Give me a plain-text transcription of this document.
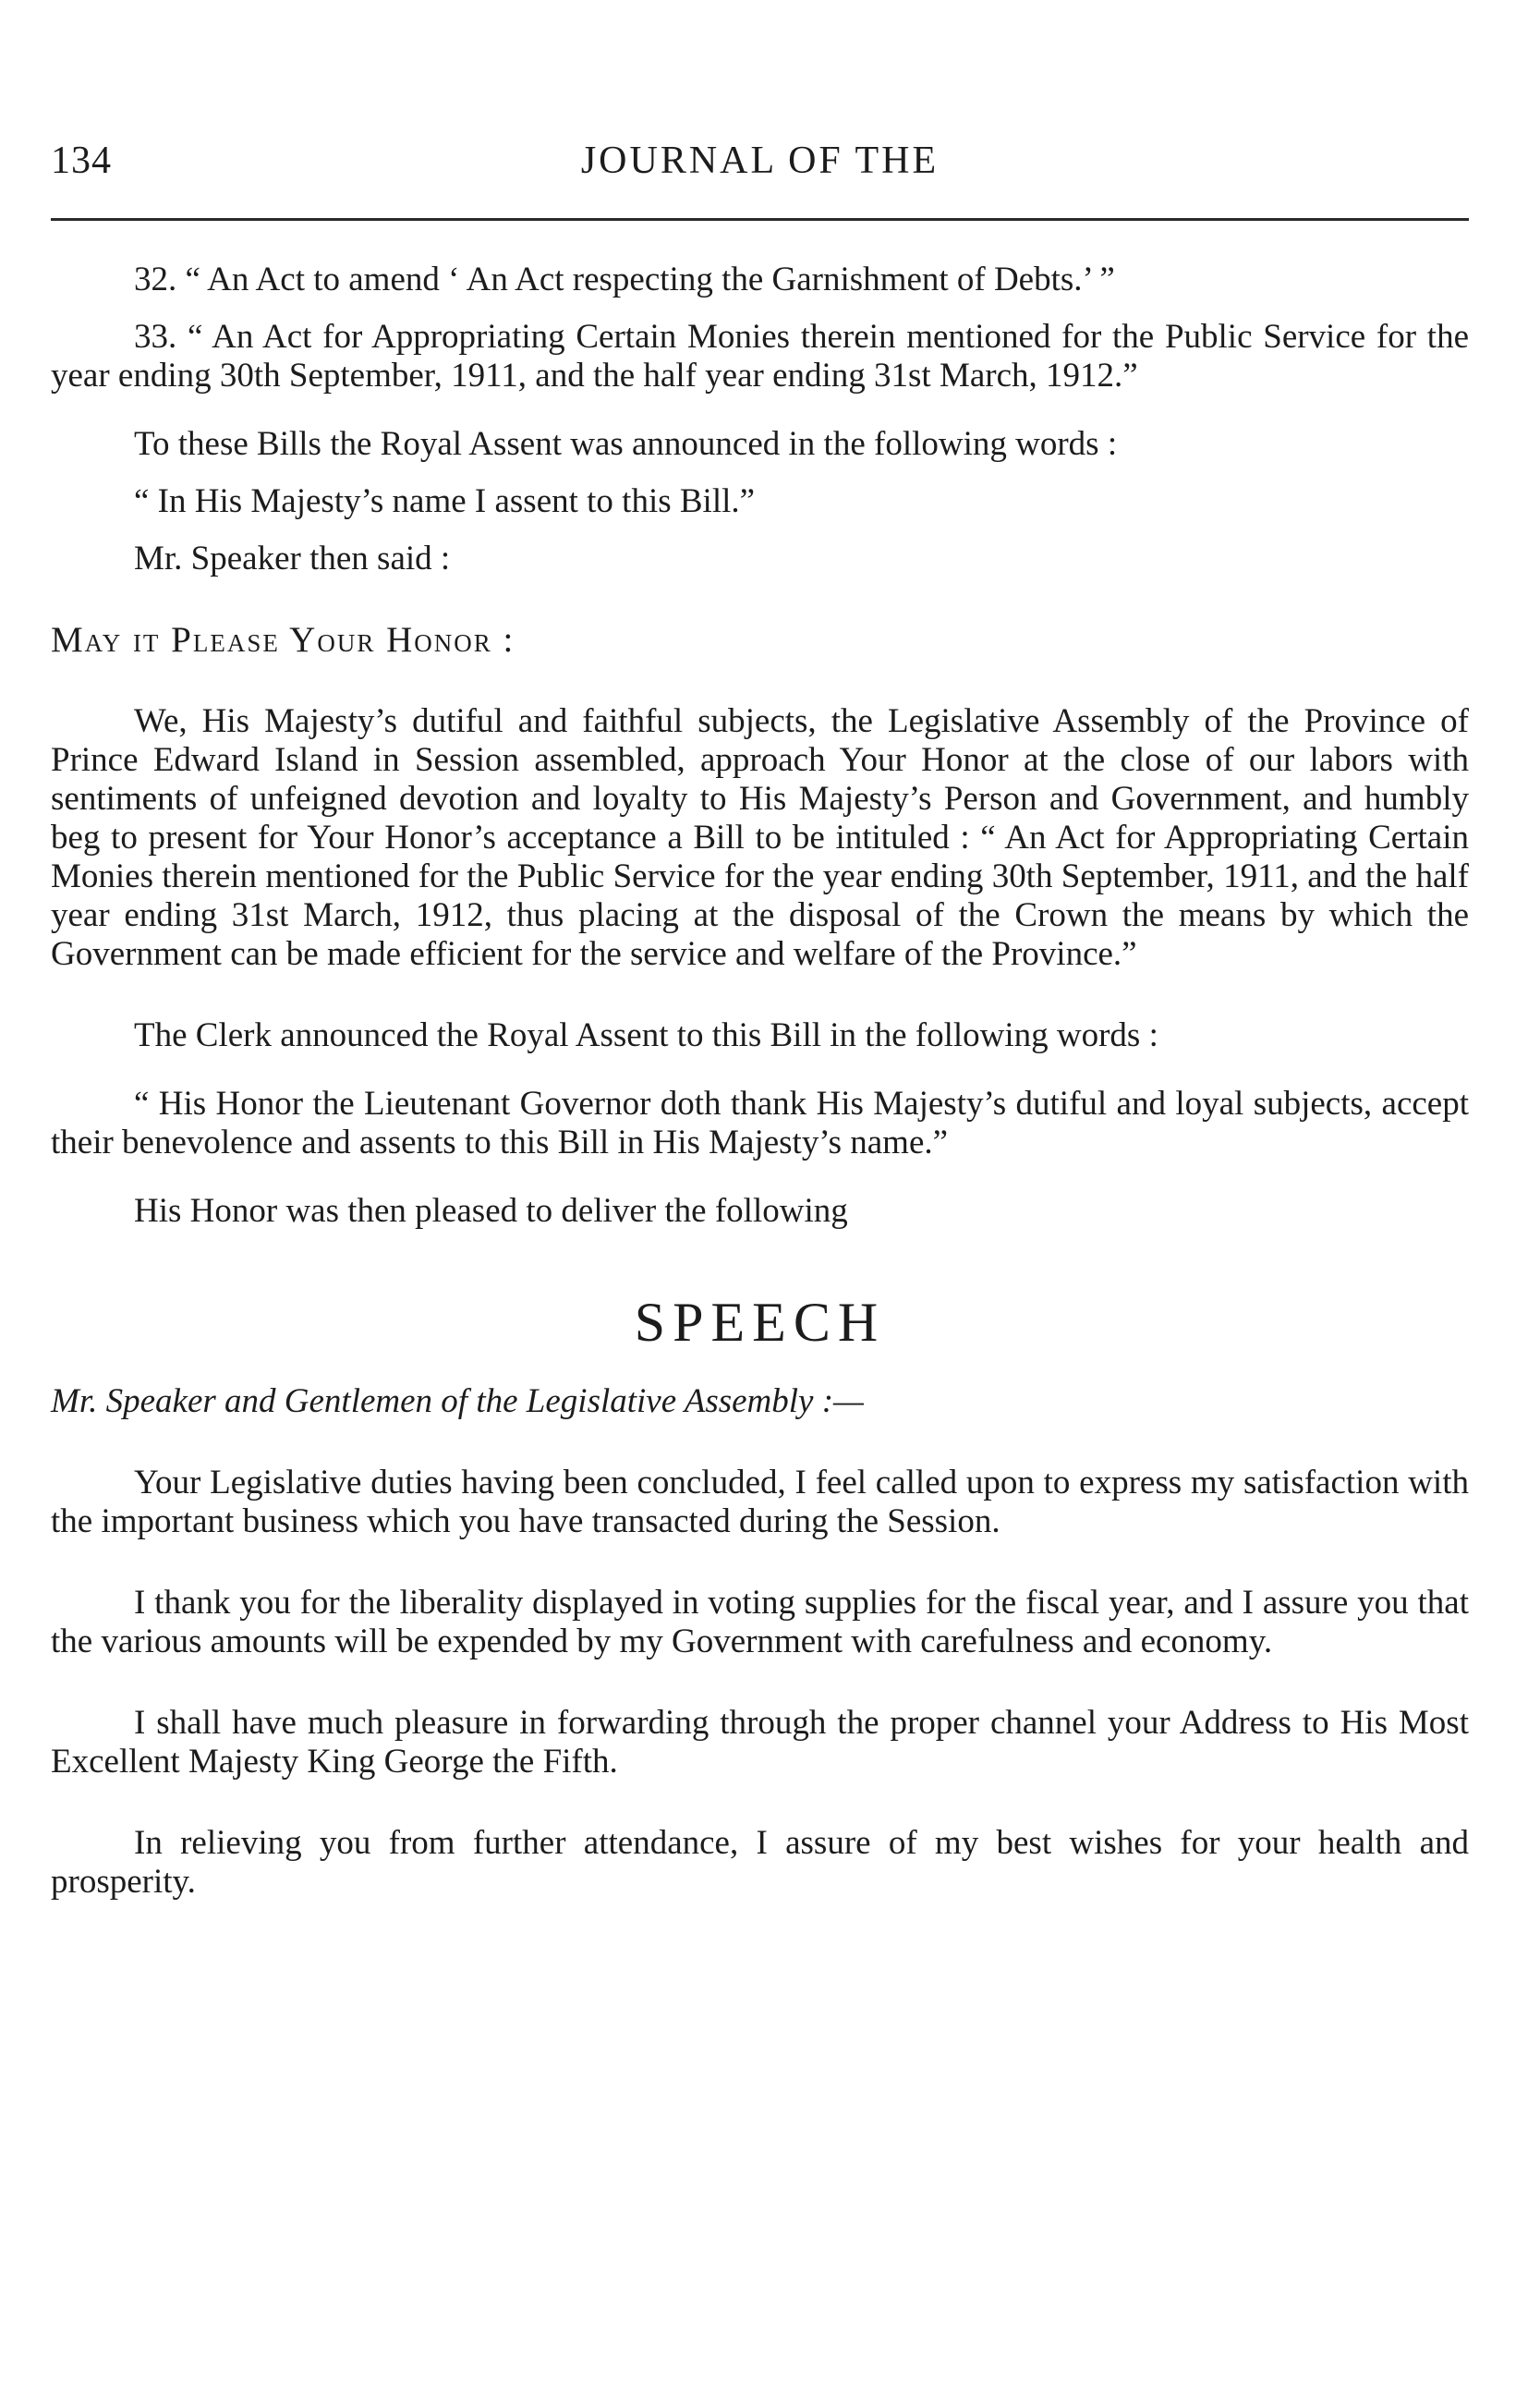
134	JOURNAL OF THE

32. “ An Act to amend ‘ An Act respecting the Garnishment of Debts.’ ”

33. “ An Act for Appropriating Certain Monies therein mentioned for the Public Service for the year ending 30th September, 1911, and the half year ending 31st March, 1912.”

To these Bills the Royal Assent was announced in the following words :

“ In His Majesty’s name I assent to this Bill.”

Mr. Speaker then said :

May it Please Your Honor :

We, His Majesty’s dutiful and faithful subjects, the Legislative Assembly of the Province of Prince Edward Island in Session assembled, approach Your Honor at the close of our labors with sentiments of unfeigned devotion and loyalty to His Majesty’s Person and Government, and humbly beg to present for Your Honor’s acceptance a Bill to be intituled : “ An Act for Appropriating Certain Monies therein mentioned for the Public Service for the year ending 30th September, 1911, and the half year ending 31st March, 1912, thus placing at the disposal of the Crown the means by which the Government can be made efficient for the service and welfare of the Province.”

The Clerk announced the Royal Assent to this Bill in the following words :

“ His Honor the Lieutenant Governor doth thank His Majesty’s dutiful and loyal subjects, accept their benevolence and assents to this Bill in His Majesty’s name.”

His Honor was then pleased to deliver the following

SPEECH

Mr. Speaker and Gentlemen of the Legislative Assembly :—

Your Legislative duties having been concluded, I feel called upon to express my satisfaction with the important business which you have transacted during the Session.

I thank you for the liberality displayed in voting supplies for the fiscal year, and I assure you that the various amounts will be expended by my Government with carefulness and economy.

I shall have much pleasure in forwarding through the proper channel your Address to His Most Excellent Majesty King George the Fifth.

In relieving you from further attendance, I assure of my best wishes for your health and prosperity.
